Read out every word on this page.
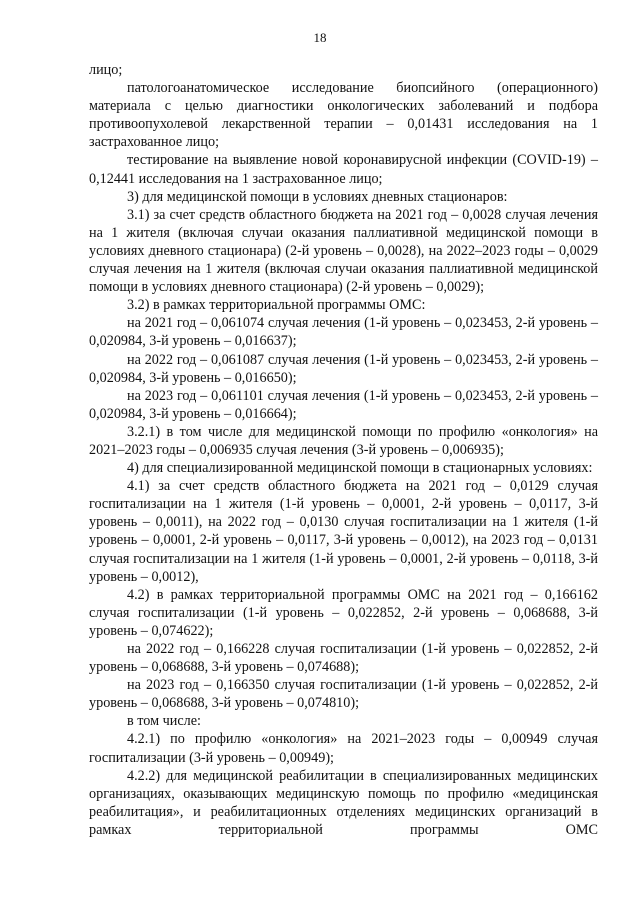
18

лицо;

патологоанатомическое исследование биопсийного (операционного) материала с целью диагностики онкологических заболеваний и подбора противоопухолевой лекарственной терапии – 0,01431 исследования на 1 застрахованное лицо;

тестирование на выявление новой коронавирусной инфекции (COVID-19) – 0,12441 исследования на 1 застрахованное лицо;

3) для медицинской помощи в условиях дневных стационаров:

3.1) за счет средств областного бюджета на 2021 год – 0,0028 случая лечения на 1 жителя (включая случаи оказания паллиативной медицинской помощи в условиях дневного стационара) (2-й уровень – 0,0028), на 2022–2023 годы – 0,0029 случая лечения на 1 жителя (включая случаи оказания паллиативной медицинской помощи в условиях дневного стационара) (2-й уровень – 0,0029);

3.2) в рамках территориальной программы ОМС:

на 2021 год – 0,061074 случая лечения (1-й уровень – 0,023453, 2-й уровень – 0,020984, 3-й уровень – 0,016637);

на 2022 год – 0,061087 случая лечения (1-й уровень – 0,023453, 2-й уровень – 0,020984, 3-й уровень – 0,016650);

на 2023 год – 0,061101 случая лечения (1-й уровень – 0,023453, 2-й уровень – 0,020984, 3-й уровень – 0,016664);

3.2.1) в том числе для медицинской помощи по профилю «онкология» на 2021–2023 годы – 0,006935 случая лечения (3-й уровень – 0,006935);

4) для специализированной медицинской помощи в стационарных условиях:

4.1) за счет средств областного бюджета на 2021 год – 0,0129 случая госпитализации на 1 жителя (1-й уровень – 0,0001, 2-й уровень – 0,0117, 3-й уровень – 0,0011), на 2022 год – 0,0130 случая госпитализации на 1 жителя (1-й уровень – 0,0001, 2-й уровень – 0,0117, 3-й уровень – 0,0012), на 2023 год – 0,0131 случая госпитализации на 1 жителя (1-й уровень – 0,0001, 2-й уровень – 0,0118, 3-й уровень – 0,0012),

4.2) в рамках территориальной программы ОМС на 2021 год – 0,166162 случая госпитализации (1-й уровень – 0,022852, 2-й уровень – 0,068688, 3-й уровень – 0,074622);

на 2022 год – 0,166228 случая госпитализации (1-й уровень – 0,022852, 2-й уровень – 0,068688, 3-й уровень – 0,074688);

на 2023 год – 0,166350 случая госпитализации (1-й уровень – 0,022852, 2-й уровень – 0,068688, 3-й уровень – 0,074810);

в том числе:

4.2.1) по профилю «онкология» на 2021–2023 годы – 0,00949 случая госпитализации (3-й уровень – 0,00949);

4.2.2) для медицинской реабилитации в специализированных медицинских организациях, оказывающих медицинскую помощь по профилю «медицинская реабилитация», и реабилитационных отделениях медицинских организаций в рамках территориальной программы ОМС
